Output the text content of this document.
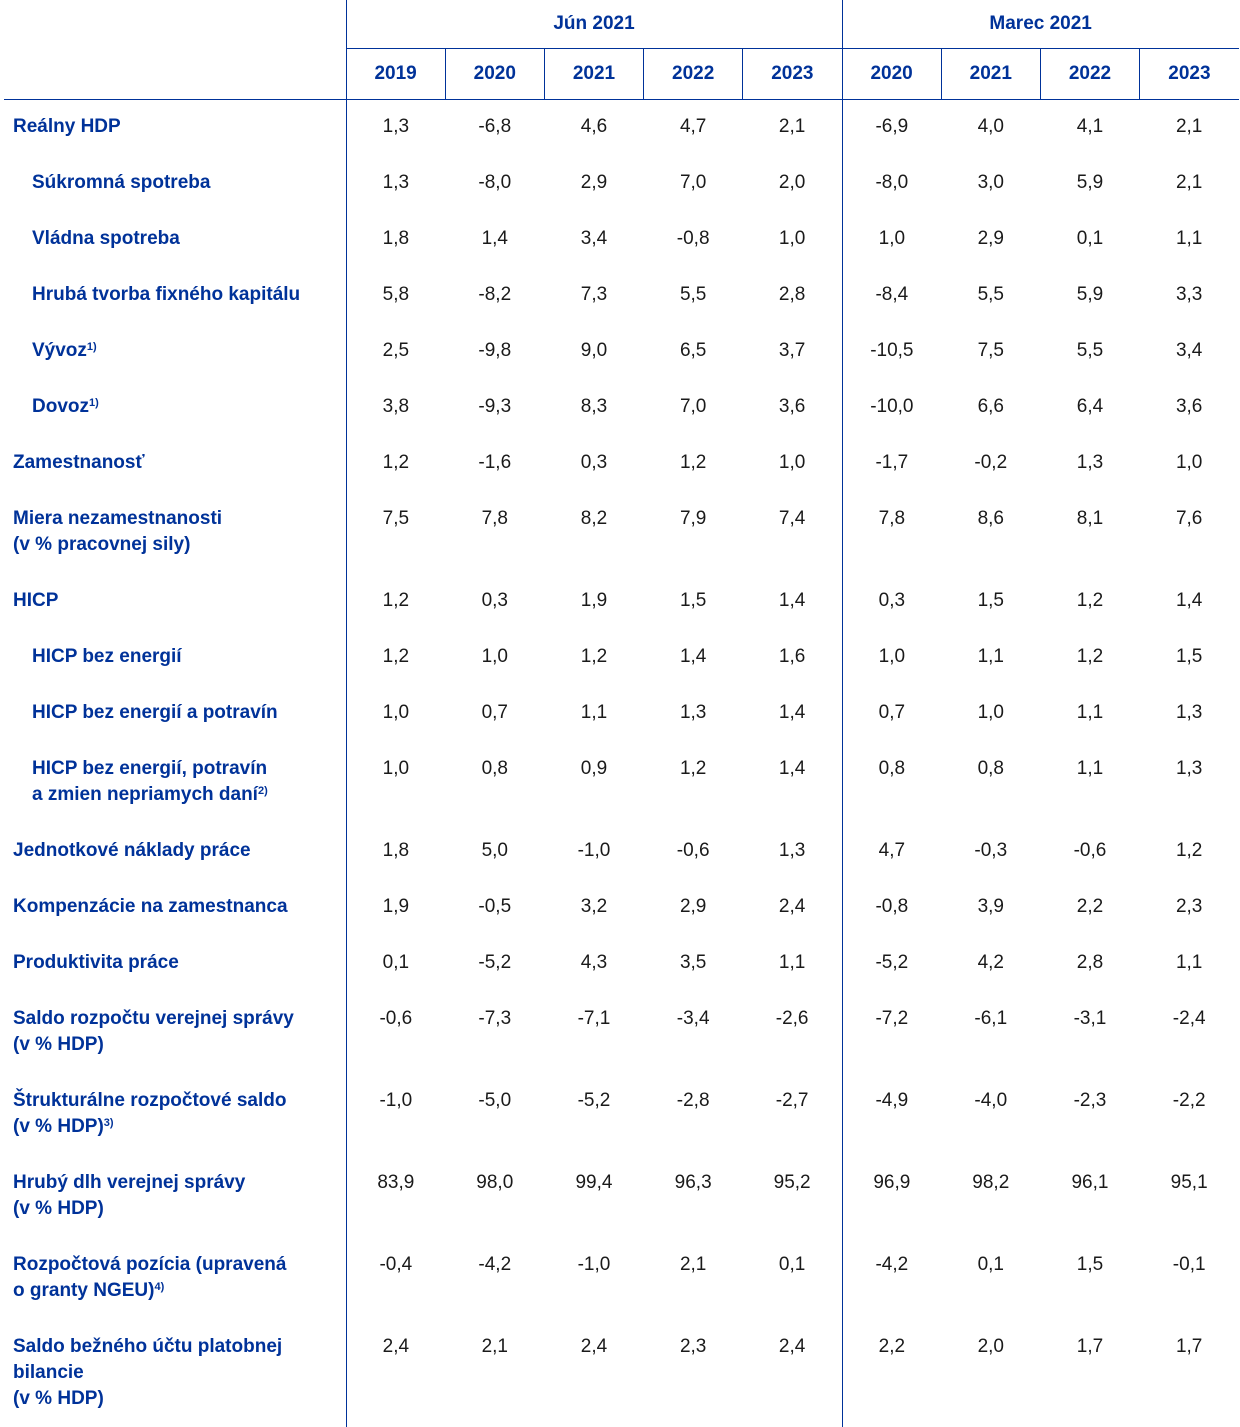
	Jún 2021					Marec 2021			
	2019	2020	2021	2022	2023	2020	2021	2022	2023
Reálny HDP	1,3	-6,8	4,6	4,7	2,1	-6,9	4,0	4,1	2,1
Súkromná spotreba	1,3	-8,0	2,9	7,0	2,0	-8,0	3,0	5,9	2,1
Vládna spotreba	1,8	1,4	3,4	-0,8	1,0	1,0	2,9	0,1	1,1
Hrubá tvorba fixného kapitálu	5,8	-8,2	7,3	5,5	2,8	-8,4	5,5	5,9	3,3
Vývoz$^{1)}$	2,5	-9,8	9,0	6,5	3,7	-10,5	7,5	5,5	3,4
Dovoz$^{1)}$	3,8	-9,3	8,3	7,0	3,6	-10,0	6,6	6,4	3,6
Zamestnanosť	1,2	-1,6	0,3	1,2	1,0	-1,7	-0,2	1,3	1,0
Miera nezamestnanosti
(v % pracovnej sily)	7,5	7,8	8,2	7,9	7,4	7,8	8,6	8,1	7,6
HICP	1,2	0,3	1,9	1,5	1,4	0,3	1,5	1,2	1,4
HICP bez energií	1,2	1,0	1,2	1,4	1,6	1,0	1,1	1,2	1,5
HICP bez energií a potravín	1,0	0,7	1,1	1,3	1,4	0,7	1,0	1,1	1,3
HICP bez energií, potravín
a zmien nepriamych daní$^{2)}$	1,0	0,8	0,9	1,2	1,4	0,8	0,8	1,1	1,3
Jednotkové náklady práce	1,8	5,0	-1,0	-0,6	1,3	4,7	-0,3	-0,6	1,2
Kompenzácie na zamestnanca	1,9	-0,5	3,2	2,9	2,4	-0,8	3,9	2,2	2,3
Produktivita práce	0,1	-5,2	4,3	3,5	1,1	-5,2	4,2	2,8	1,1
Saldo rozpočtu verejnej správy
(v % HDP)	-0,6	-7,3	-7,1	-3,4	-2,6	-7,2	-6,1	-3,1	-2,4
Štrukturálne rozpočtové saldo
(v % HDP)$^{3)}$	-1,0	-5,0	-5,2	-2,8	-2,7	-4,9	-4,0	-2,3	-2,2
Hrubý dlh verejnej správy
(v % HDP)	83,9	98,0	99,4	96,3	95,2	96,9	98,2	96,1	95,1
Rozpočtová pozícia (upravená
o granty NGEU)$^{4)}$	-0,4	-4,2	-1,0	2,1	0,1	-4,2	0,1	1,5	-0,1
Saldo bežného účtu platobnej
bilancie
(v % HDP)	2,4	2,1	2,4	2,3	2,4	2,2	2,0	1,7	1,7
